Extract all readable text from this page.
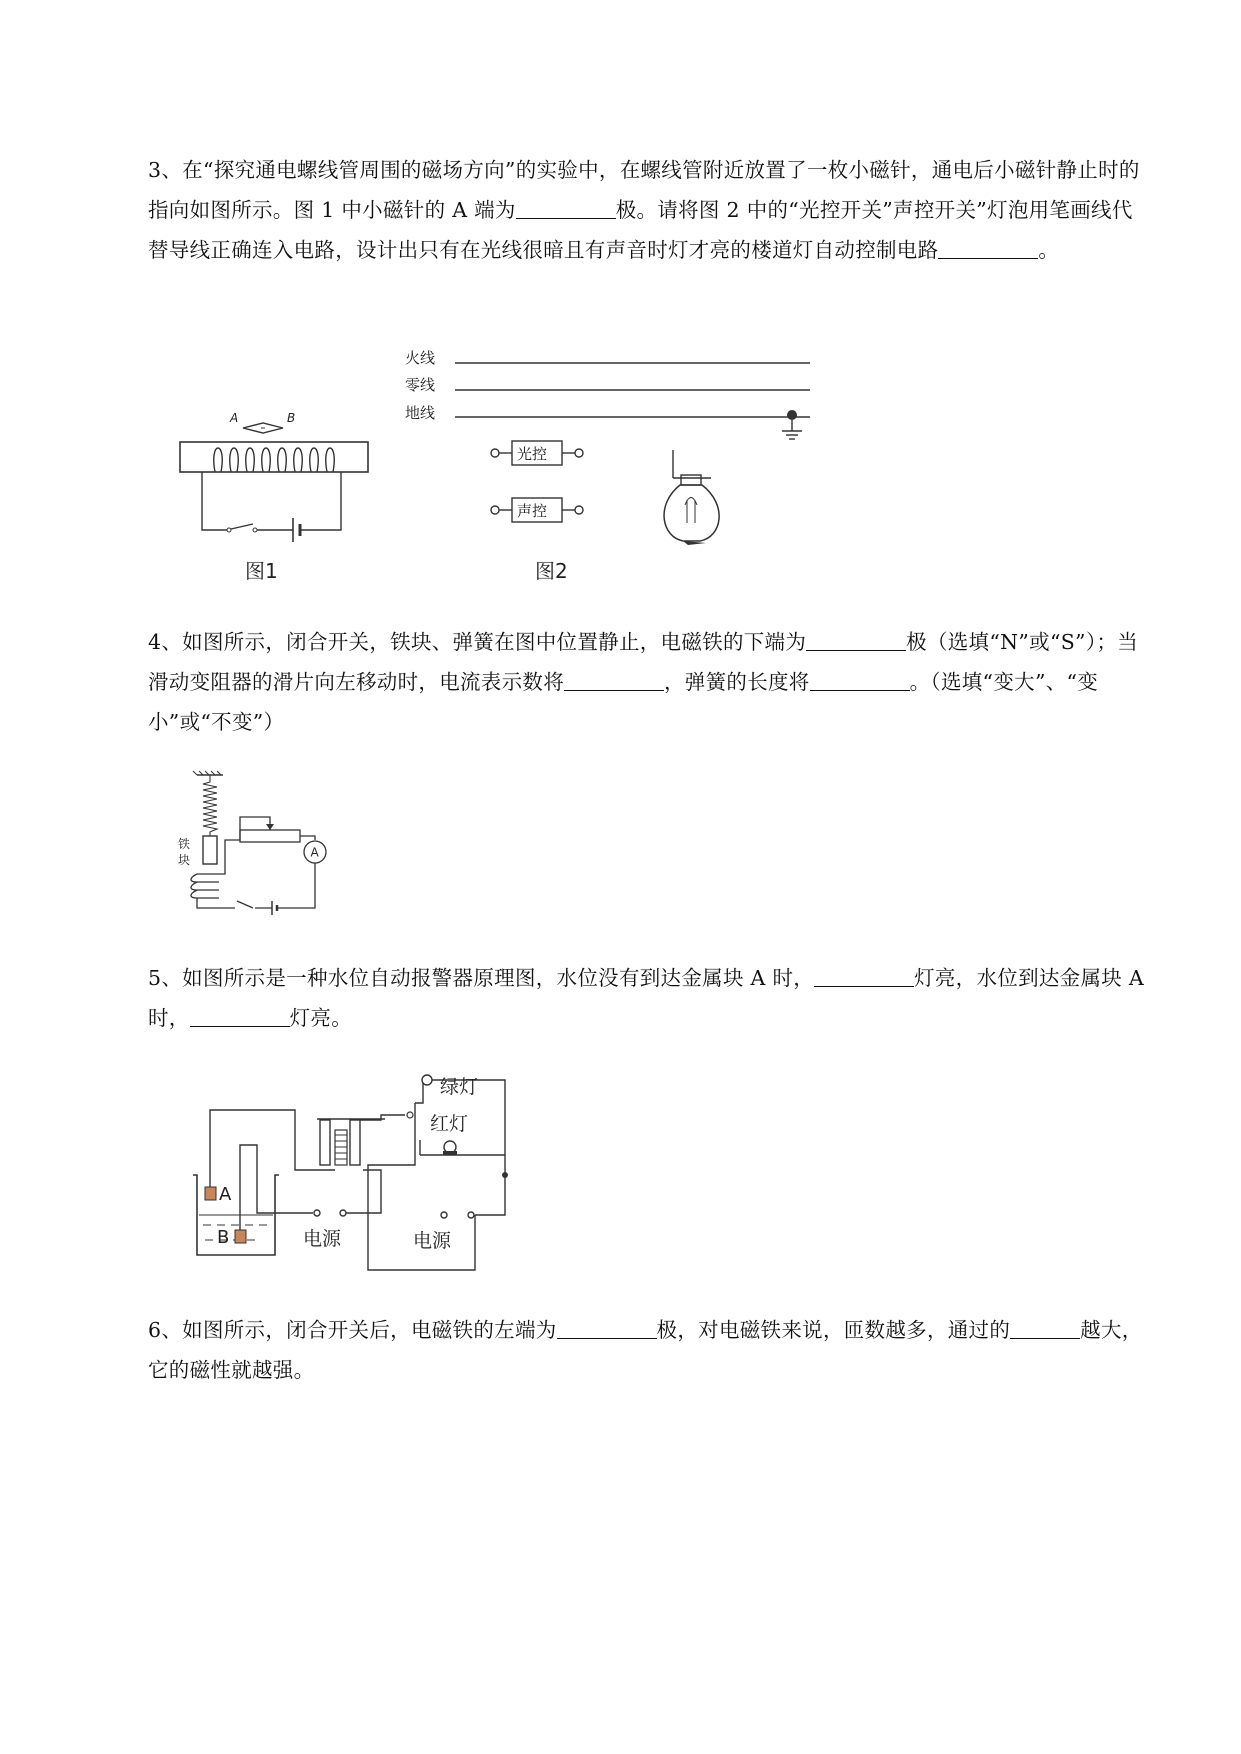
3、在“探究通电螺线管周围的磁场方向”的实验中，在螺线管附近放置了一枚小磁针，通电后小磁针静止时的指向如图所示。图 1 中小磁针的 A 端为	极。请将图 2 中的“光控开关”声控开关”灯泡用笔画线代替导线正确连入电路，设计出只有在光线很暗且有声音时灯才亮的楼道灯自动控制电路	。
A	B
图1
火线
零线
地线
光控
声控
图2
4、如图所示，闭合开关，铁块、弹簧在图中位置静止，电磁铁的下端为	极（选填“N”或“S”）；当滑动变阻器的滑片向左移动时，电流表示数将	，弹簧的长度将	。（选填“变大”、“变小”或“不变”）
铁
块
A
5、如图所示是一种水位自动报警器原理图，水位没有到达金属块 A 时，	灯亮，水位到达金属块 A 时，	灯亮。
A
B	电源
绿灯
红灯
电源
6、如图所示，闭合开关后，电磁铁的左端为	极，对电磁铁来说，匝数越多，通过的	越大，它的磁性就越强。
